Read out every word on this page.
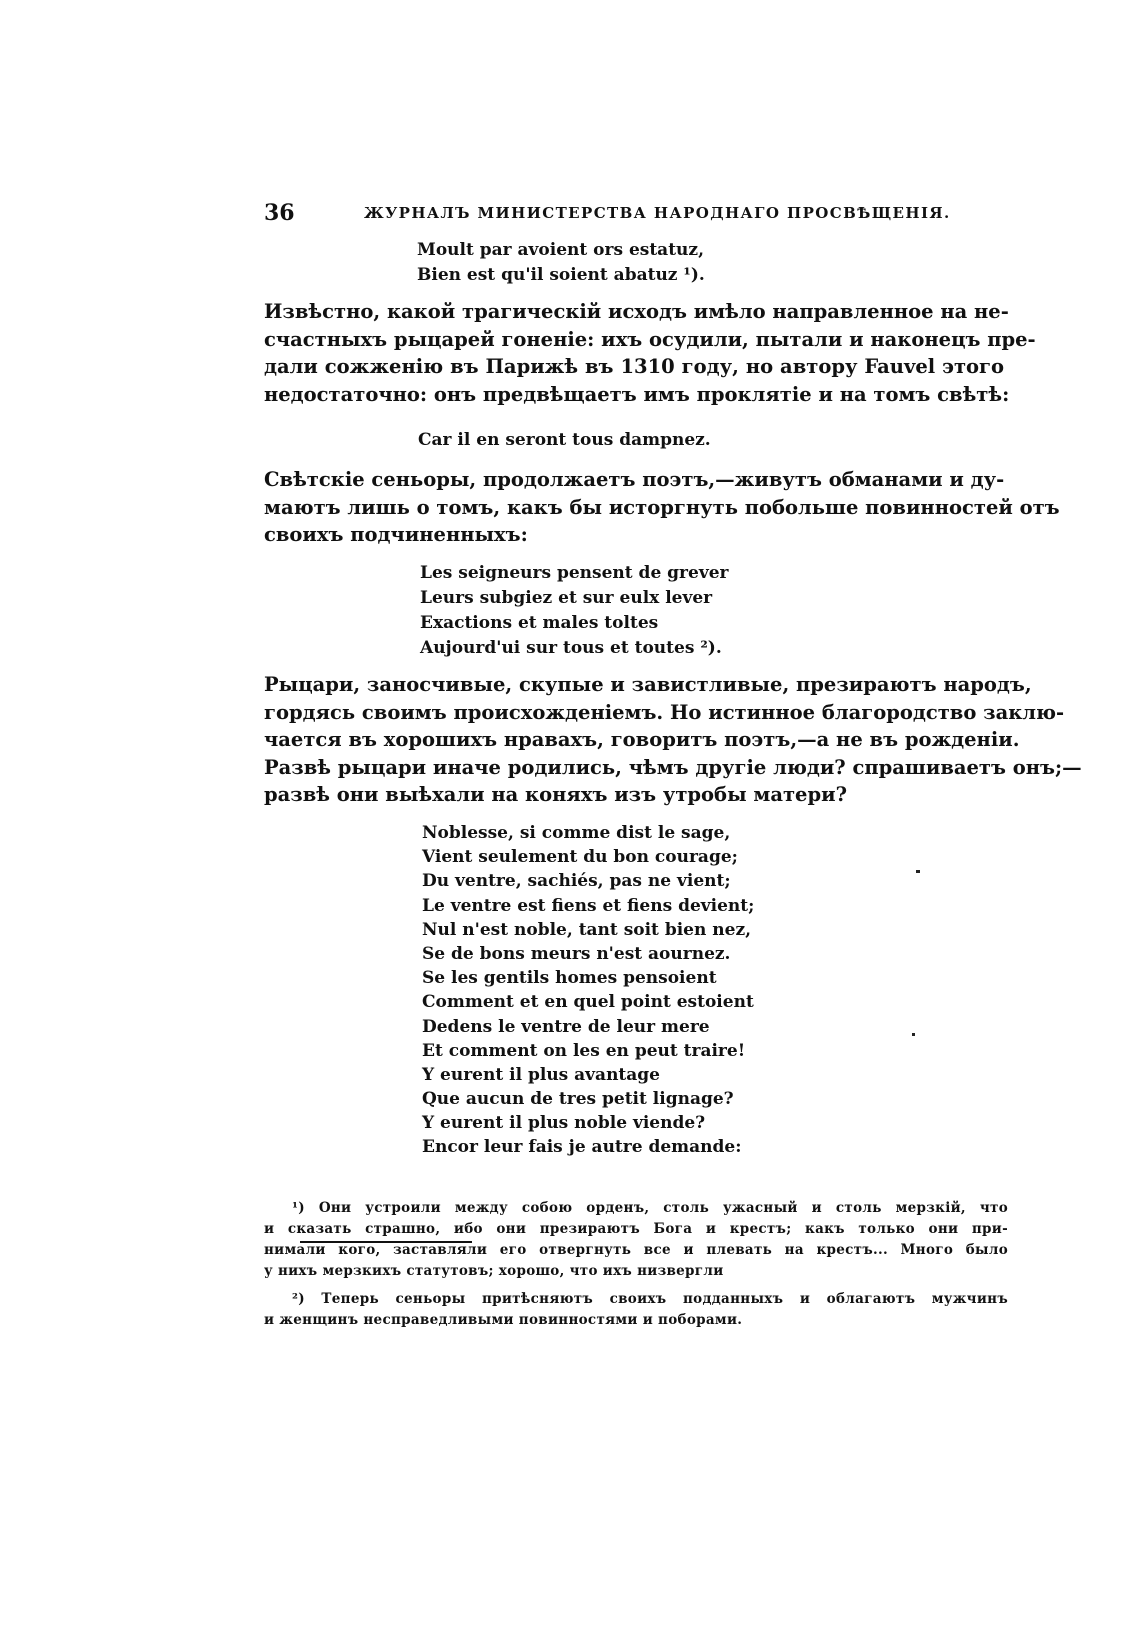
36	ЖУРНАЛЪ МИНИСТЕРСТВА НАРОДНАГО ПРОСВѢЩЕНІЯ.
Moult par avoient ors estatuz,
Bien est qu'il soient abatuz ¹).
Извѣстно, какой трагическій исходъ имѣло направленное на не-
счастныхъ рыцарей гоненіе: ихъ осудили, пытали и наконецъ пре-
дали сожженію въ Парижѣ въ 1310 году, но автору Fauvel этого
недостаточно: онъ предвѣщаетъ имъ проклятіе и на томъ свѣтѣ:
Car il en seront tous dampnez.
Свѣтскіе сеньоры, продолжаетъ поэтъ,—живутъ обманами и ду-
маютъ лишь о томъ, какъ бы исторгнуть побольше повинностей отъ
своихъ подчиненныхъ:
Les seigneurs pensent de grever
Leurs subgiez et sur eulx lever
Exactions et males toltes
Aujourd'ui sur tous et toutes ²).
Рыцари, заносчивые, скупые и завистливые, презираютъ народъ,
гордясь своимъ происхожденіемъ. Но истинное благородство заклю-
чается въ хорошихъ нравахъ, говоритъ поэтъ,—а не въ рожденіи.
Развѣ рыцари иначе родились, чѣмъ другіе люди? спрашиваетъ онъ;—
развѣ они выѣхали на коняхъ изъ утробы матери?
Noblesse, si comme dist le sage,
Vient seulement du bon courage;
Du ventre, sachiés, pas ne vient;
Le ventre est fiens et fiens devient;
Nul n'est noble, tant soit bien nez,
Se de bons meurs n'est aournez.
Se les gentils homes pensoient
Comment et en quel point estoient
Dedens le ventre de leur mere
Et comment on les en peut traire!
Y eurent il plus avantage
Que aucun de tres petit lignage?
Y eurent il plus noble viende?
Encor leur fais je autre demande:
¹) Они устроили между собою орденъ, столь ужасный и столь мерзкій, что
и сказать страшно, ибо они презираютъ Бога и крестъ; какъ только они при-
нимали кого, заставляли его отвергнуть все и плевать на крестъ... Много было
у нихъ мерзкихъ статутовъ; хорошо, что ихъ низвергли
²) Теперь сеньоры притѣсняютъ своихъ подданныхъ и облагаютъ мужчинъ
и женщинъ несправедливыми повинностями и поборами.
